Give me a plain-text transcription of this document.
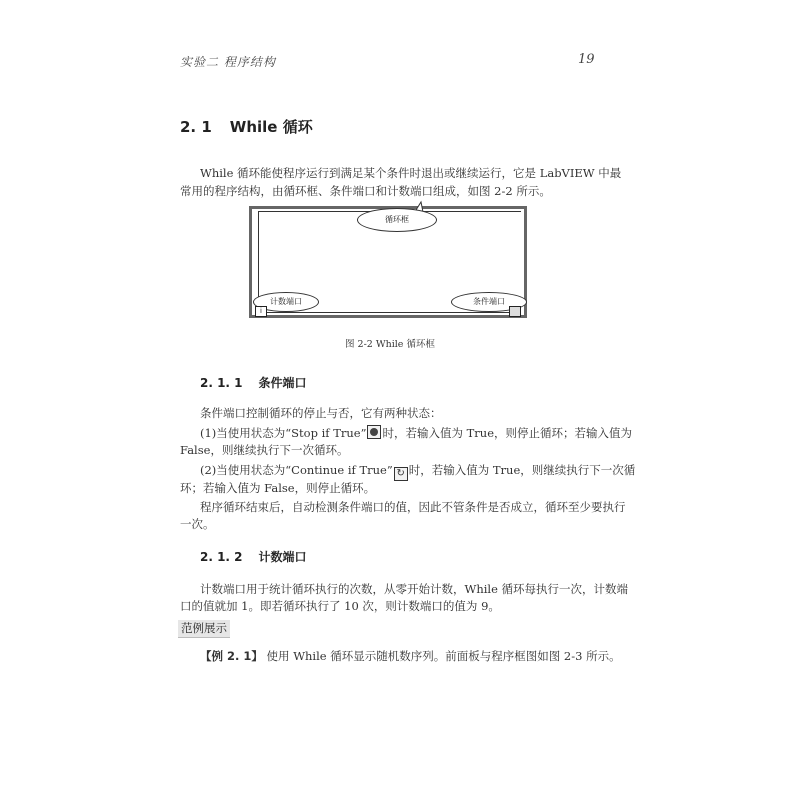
实验二 程序结构	19
2. 1 While 循环
While 循环能使程序运行到满足某个条件时退出或继续运行，它是 LabVIEW 中最
常用的程序结构，由循环框、条件端口和计数端口组成，如图 2-2 所示。
循环框
计数端口	条件端口
i
图 2-2 While 循环框
2. 1. 1 条件端口
条件端口控制循环的停止与否，它有两种状态：
(1)当使用状态为“Stop if True” 时，若输入值为 True，则停止循环；若输入值为
False，则继续执行下一次循环。
(2)当使用状态为“Continue if True” ↻ 时，若输入值为 True，则继续执行下一次循
环；若输入值为 False，则停止循环。
程序循环结束后，自动检测条件端口的值，因此不管条件是否成立，循环至少要执行
一次。
2. 1. 2 计数端口
计数端口用于统计循环执行的次数，从零开始计数，While 循环每执行一次，计数端
口的值就加 1。即若循环执行了 10 次，则计数端口的值为 9。
范例展示
【例 2. 1】 使用 While 循环显示随机数序列。前面板与程序框图如图 2-3 所示。
